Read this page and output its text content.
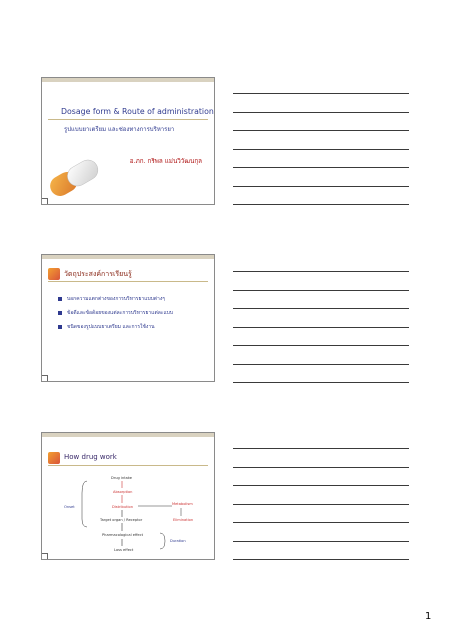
Dosage form & Route of administration
รูปแบบยาเตรียม และช่องทางการบริหารยา
อ.ภก. กริพล แม่นวิวัฒนกุล
วัตถุประสงค์การเรียนรู้
บอกความแตกต่างของการบริหารยาแบบต่างๆ
ข้อดีและข้อด้อยของแต่ละการบริหารยาแต่ละแบบ
ชนิดของรูปแบบยาเตรียม และการใช้งาน
How drug work
Drug intake
Absorption
Distribution
Metabolism
Elimination
Onset
Target organ / Receptor
Pharmacological effect
Duration
Loss effect
1
